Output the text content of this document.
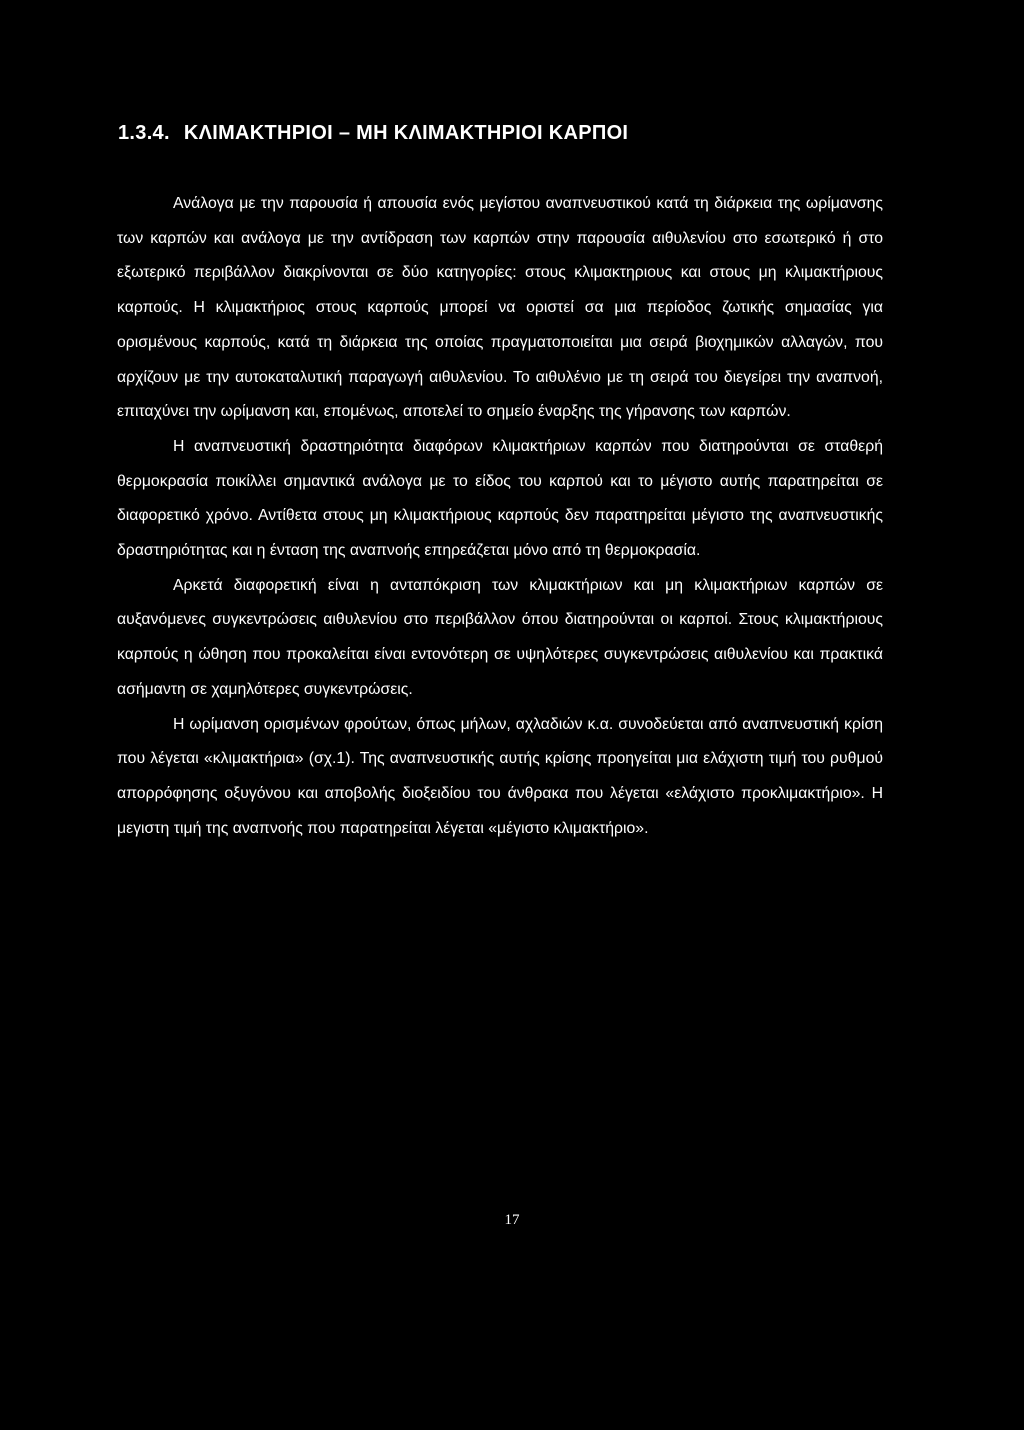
1.3.4. ΚΛΙΜΑΚΤΗΡΙΟΙ – ΜΗ ΚΛΙΜΑΚΤΗΡΙΟΙ ΚΑΡΠΟΙ

Ανάλογα με την παρουσία ή απουσία ενός μεγίστου αναπνευστικού κατά τη διάρκεια της ωρίμανσης των καρπών και ανάλογα με την αντίδραση των καρπών στην παρουσία αιθυλενίου στο εσωτερικό ή στο εξωτερικό περιβάλλον διακρίνονται σε δύο κατηγορίες: στους κλιμακτηριους και στους μη κλιμακτήριους καρπούς. Η κλιμακτήριος στους καρπούς μπορεί να οριστεί σα μια περίοδος ζωτικής σημασίας για ορισμένους καρπούς, κατά τη διάρκεια της οποίας πραγματοποιείται μια σειρά βιοχημικών αλλαγών, που αρχίζουν με την αυτοκαταλυτική παραγωγή αιθυλενίου. Το αιθυλένιο με τη σειρά του διεγείρει την αναπνοή, επιταχύνει την ωρίμανση και, επομένως, αποτελεί το σημείο έναρξης της γήρανσης των καρπών.

Η αναπνευστική δραστηριότητα διαφόρων κλιμακτήριων καρπών που διατηρούνται σε σταθερή θερμοκρασία ποικίλλει σημαντικά ανάλογα με το είδος του καρπού και το μέγιστο αυτής παρατηρείται σε διαφορετικό χρόνο. Αντίθετα στους μη κλιμακτήριους καρπούς δεν παρατηρείται μέγιστο της αναπνευστικής δραστηριότητας και η ένταση της αναπνοής επηρεάζεται μόνο από τη θερμοκρασία.

Αρκετά διαφορετική είναι η ανταπόκριση των κλιμακτήριων και μη κλιμακτήριων καρπών σε αυξανόμενες συγκεντρώσεις αιθυλενίου στο περιβάλλον όπου διατηρούνται οι καρποί. Στους κλιμακτήριους καρπούς η ώθηση που προκαλείται είναι εντονότερη σε υψηλότερες συγκεντρώσεις αιθυλενίου και πρακτικά ασήμαντη σε χαμηλότερες συγκεντρώσεις.

Η ωρίμανση ορισμένων φρούτων, όπως μήλων, αχλαδιών κ.α. συνοδεύεται από αναπνευστική κρίση που λέγεται «κλιμακτήρια» (σχ.1). Της αναπνευστικής αυτής κρίσης προηγείται μια ελάχιστη τιμή του ρυθμού απορρόφησης οξυγόνου και αποβολής διοξειδίου του άνθρακα που λέγεται «ελάχιστο προκλιμακτήριο». Η μεγιστη τιμή της αναπνοής που παρατηρείται λέγεται «μέγιστο κλιμακτήριο».

17
